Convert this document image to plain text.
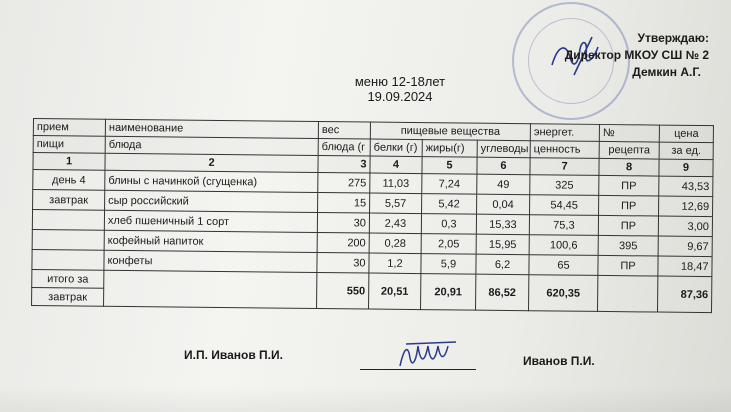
Утверждаю:
Директор МКОУ СШ № 2
Демкин А.Г.
меню 12-18лет
19.09.2024
прием	наименование	вес	пищевые вещества			энергет.	№	цена
пищи	блюда	блюда (г	белки (г)	жиры(г)	углеводы	ценность	рецепта	за ед.
1	2	3	4	5	6	7	8	9
день 4	блины с начинкой (сгущенка)	275	11,03	7,24	49	325	ПР	43,53
завтрак	сыр российский	15	5,57	5,42	0,04	54,45	ПР	12,69
	хлеб пшеничный 1 сорт	30	2,43	0,3	15,33	75,3	ПР	3,00
	кофейный напиток	200	0,28	2,05	15,95	100,6	395	9,67
	конфеты	30	1,2	5,9	6,2	65	ПР	18,47
итого за		550	20,51	20,91	86,52	620,35		87,36
завтрак								
И.П. Иванов П.И.	Иванов П.И.
